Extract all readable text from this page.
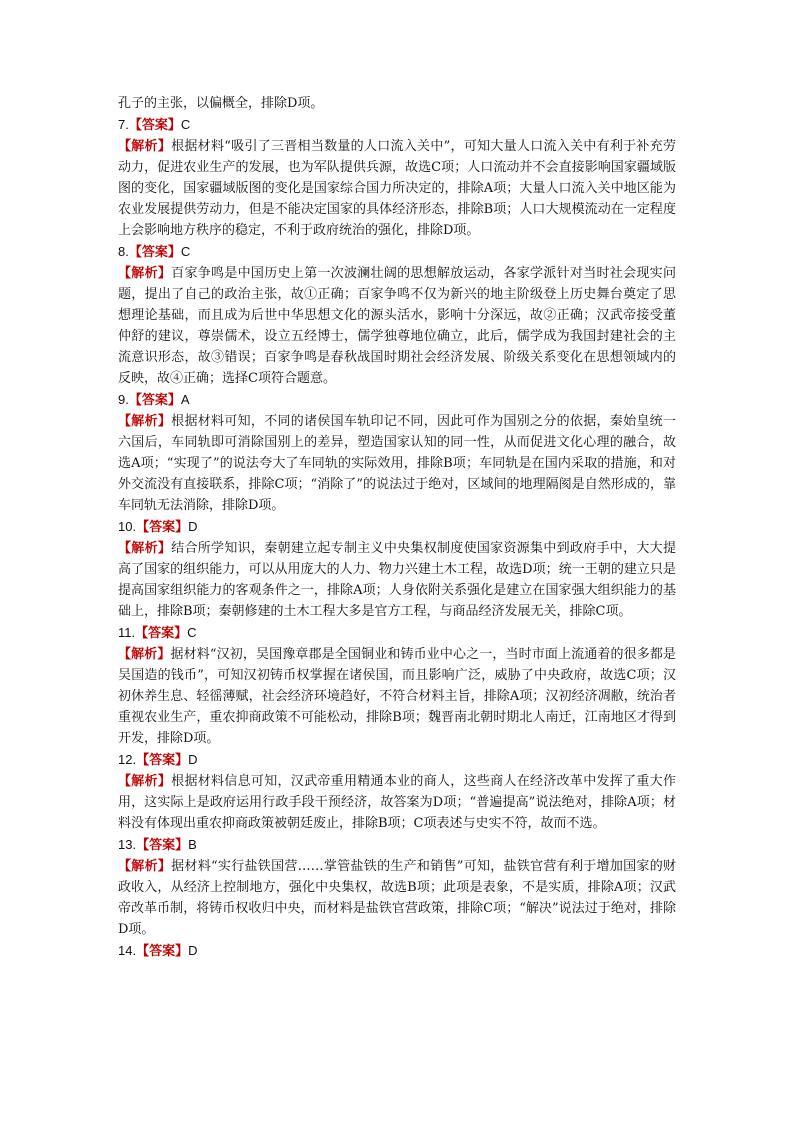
孔子的主张，以偏概全，排除D项。

7.【答案】C

【解析】根据材料“吸引了三晋相当数量的人口流入关中”，可知大量人口流入关中有利于补充劳动力，促进农业生产的发展，也为军队提供兵源，故选C项；人口流动并不会直接影响国家疆域版图的变化，国家疆域版图的变化是国家综合国力所决定的，排除A项；大量人口流入关中地区能为农业发展提供劳动力，但是不能决定国家的具体经济形态，排除B项；人口大规模流动在一定程度上会影响地方秩序的稳定，不利于政府统治的强化，排除D项。

8.【答案】C

【解析】百家争鸣是中国历史上第一次波澜壮阔的思想解放运动，各家学派针对当时社会现实问题，提出了自己的政治主张，故①正确；百家争鸣不仅为新兴的地主阶级登上历史舞台奠定了思想理论基础，而且成为后世中华思想文化的源头活水，影响十分深远，故②正确；汉武帝接受董仲舒的建议，尊崇儒术，设立五经博士，儒学独尊地位确立，此后，儒学成为我国封建社会的主流意识形态，故③错误；百家争鸣是春秋战国时期社会经济发展、阶级关系变化在思想领域内的反映，故④正确；选择C项符合题意。

9.【答案】A

【解析】根据材料可知，不同的诸侯国车轨印记不同，因此可作为国别之分的依据，秦始皇统一六国后，车同轨即可消除国别上的差异，塑造国家认知的同一性，从而促进文化心理的融合，故选A项；“实现了”的说法夸大了车同轨的实际效用，排除B项；车同轨是在国内采取的措施，和对外交流没有直接联系，排除C项；“消除了”的说法过于绝对，区域间的地理隔阂是自然形成的，靠车同轨无法消除，排除D项。

10.【答案】D

【解析】结合所学知识，秦朝建立起专制主义中央集权制度使国家资源集中到政府手中，大大提高了国家的组织能力，可以从用庞大的人力、物力兴建土木工程，故选D项；统一王朝的建立只是提高国家组织能力的客观条件之一，排除A项；人身依附关系强化是建立在国家强大组织能力的基础上，排除B项；秦朝修建的土木工程大多是官方工程，与商品经济发展无关，排除C项。

11.【答案】C

【解析】据材料“汉初，吴国豫章郡是全国铜业和铸币业中心之一，当时市面上流通着的很多都是吴国造的钱币”，可知汉初铸币权掌握在诸侯国，而且影响广泛，威胁了中央政府，故选C项；汉初休养生息、轻徭薄赋，社会经济环境趋好，不符合材料主旨，排除A项；汉初经济凋敝，统治者重视农业生产，重农抑商政策不可能松动，排除B项；魏晋南北朝时期北人南迁，江南地区才得到开发，排除D项。

12.【答案】D

【解析】根据材料信息可知，汉武帝重用精通本业的商人，这些商人在经济改革中发挥了重大作用，这实际上是政府运用行政手段干预经济，故答案为D项；“普遍提高”说法绝对，排除A项；材料没有体现出重农抑商政策被朝廷废止，排除B项；C项表述与史实不符，故而不选。

13.【答案】B

【解析】据材料“实行盐铁国营……掌管盐铁的生产和销售”可知，盐铁官营有利于增加国家的财政收入，从经济上控制地方，强化中央集权，故选B项；此项是表象，不是实质，排除A项；汉武帝改革币制，将铸币权收归中央，而材料是盐铁官营政策，排除C项；“解决”说法过于绝对，排除D项。

14.【答案】D
